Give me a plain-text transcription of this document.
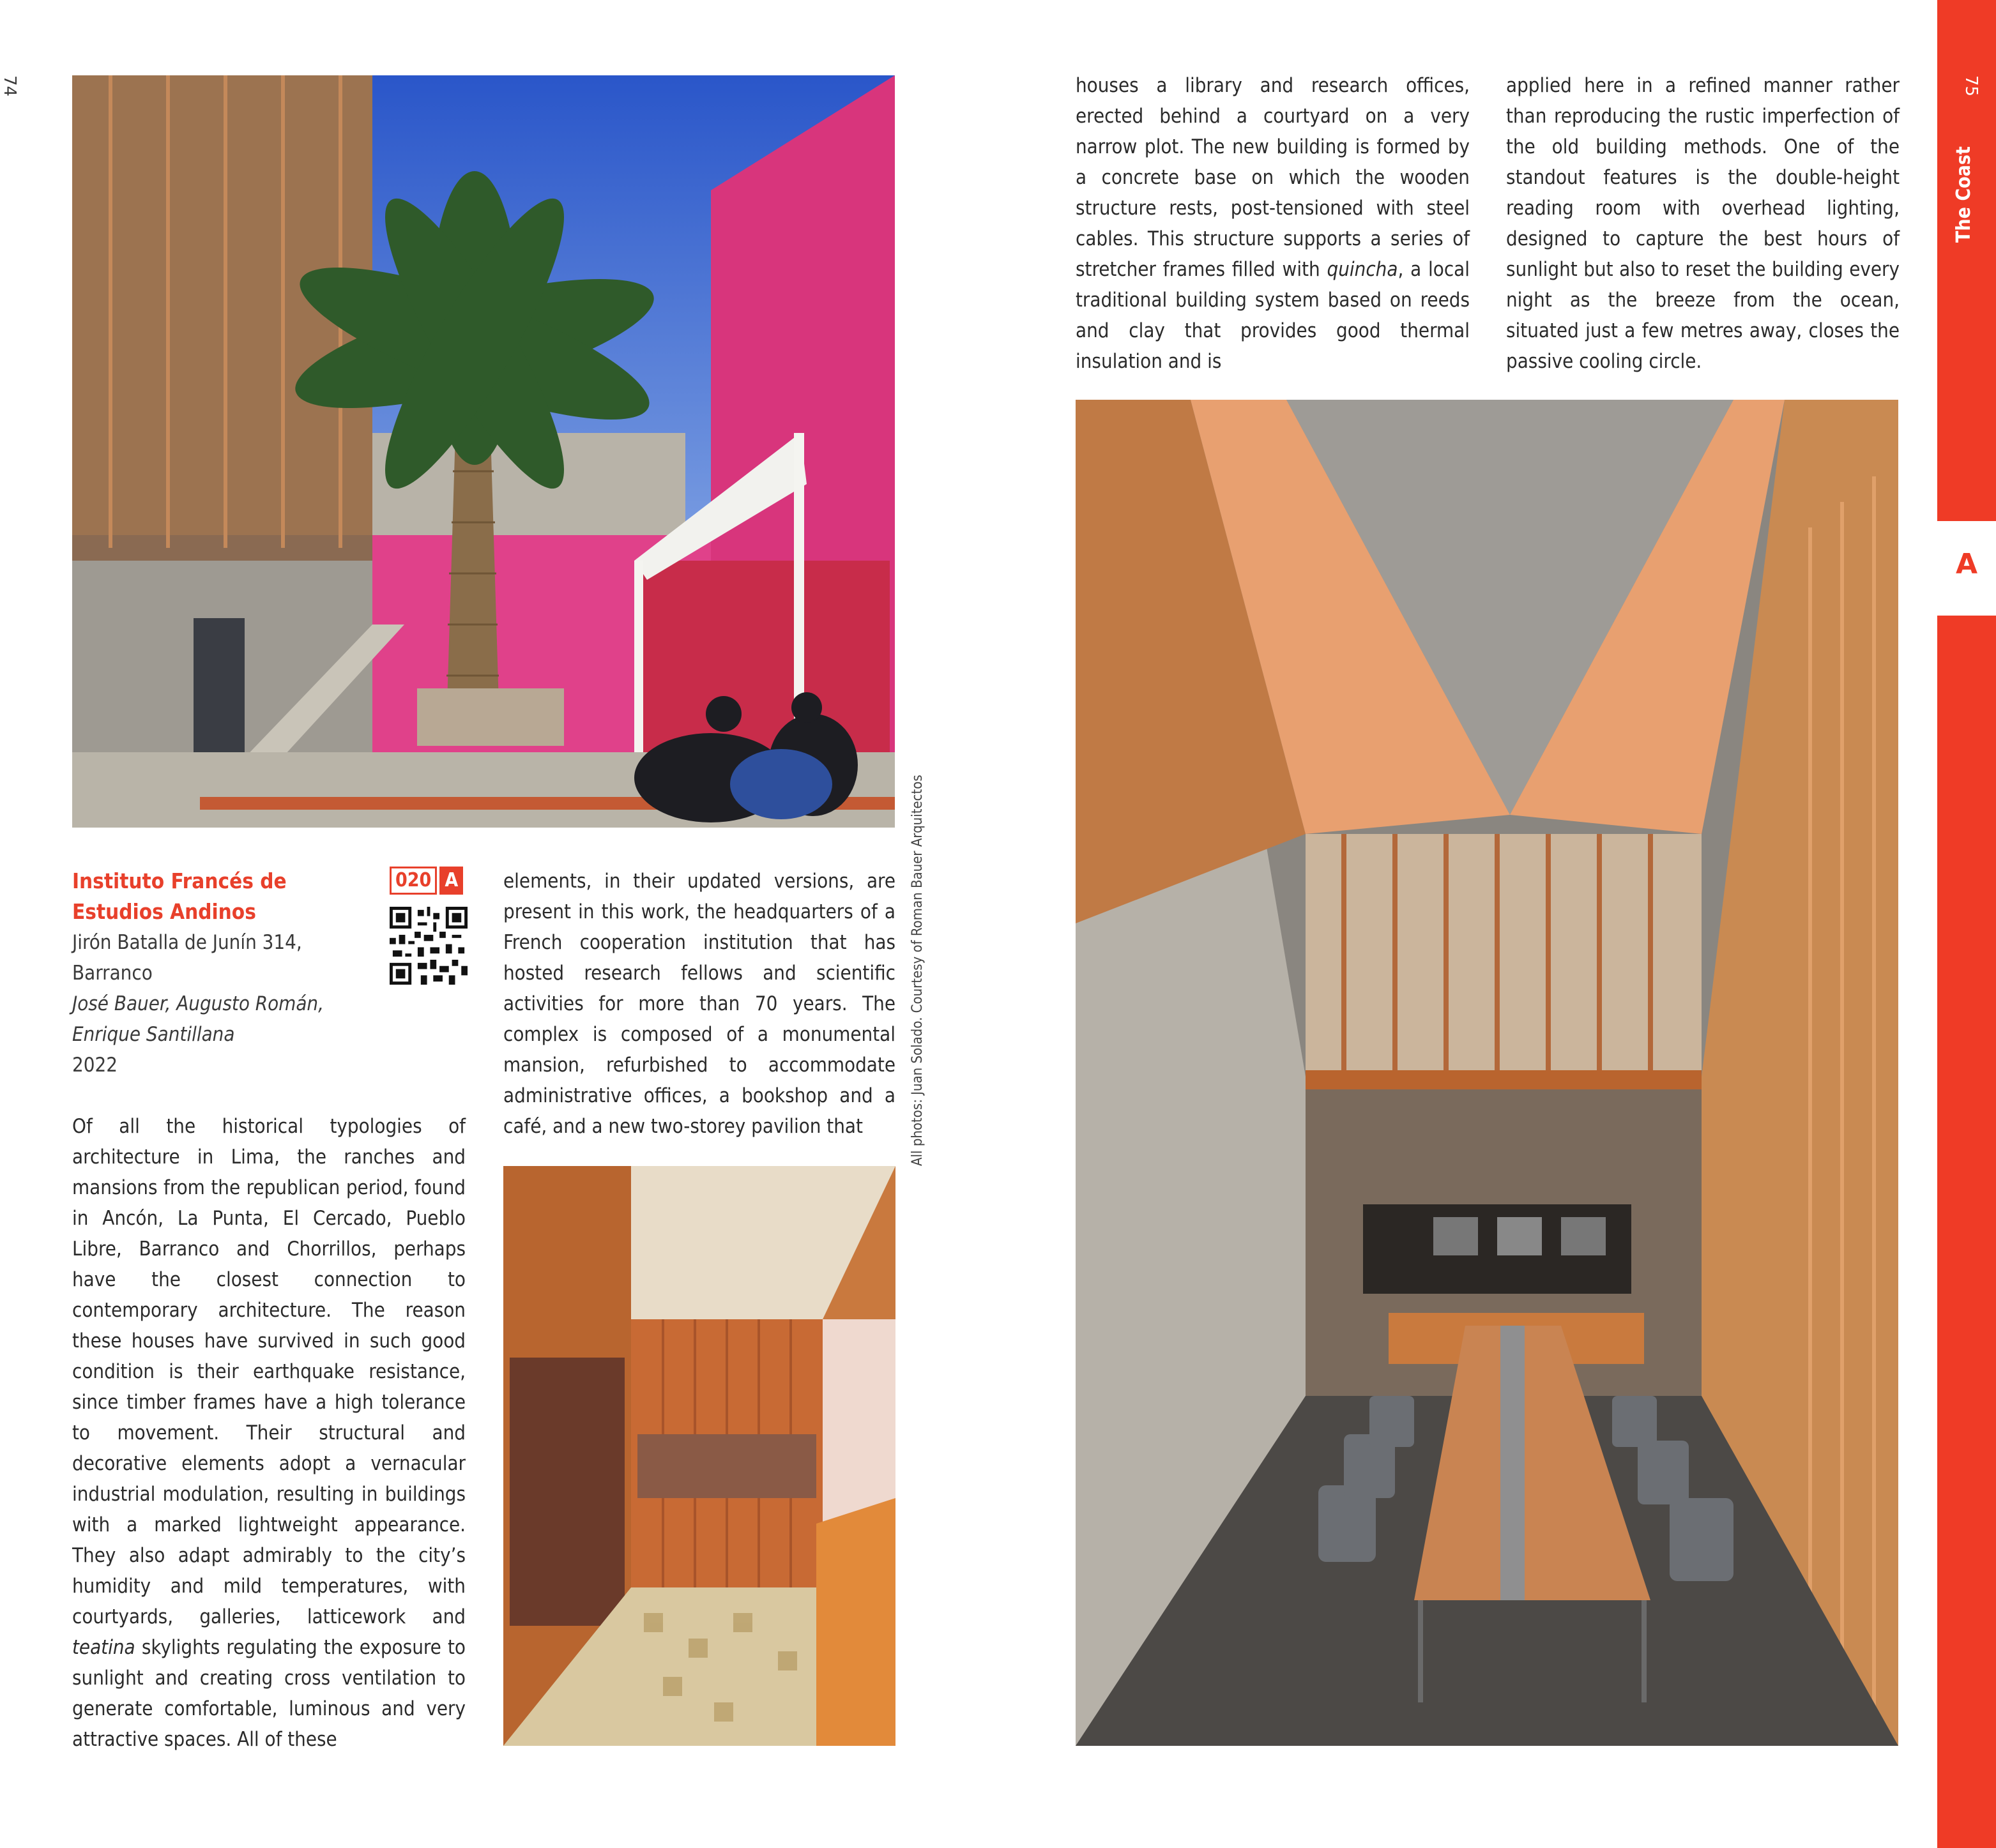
74
Instituto Francés de Estudios Andinos
020 A
Jirón Batalla de Junín 314,
Barranco
José Bauer, Augusto Román,
Enrique Santillana
2022

Of all the historical typologies of architecture in Lima, the ranches and mansions from the republican period, found in Ancón, La Punta, El Cercado, Pueblo Libre, Barranco and Chorrillos, perhaps have the closest connection to contemporary architecture. The reason these houses have survived in such good condition is their earthquake resistance, since timber frames have a high tolerance to movement. Their structural and decorative elements adopt a vernacular industrial modulation, resulting in buildings with a marked lightweight appearance. They also adapt admirably to the city’s humidity and mild temperatures, with courtyards, galleries, latticework and teatina skylights regulating the exposure to sunlight and creating cross ventilation to generate comfortable, luminous and very attractive spaces. All of these

elements, in their updated versions, are present in this work, the headquarters of a French cooperation institution that has hosted research fellows and scientific activities for more than 70 years. The complex is composed of a monumental mansion, refurbished to accommodate administrative offices, a bookshop and a café, and a new two-storey pavilion that	All photos: Juan Solado. Courtesy of Roman Bauer Arquitectos

houses a library and research offices, erected behind a courtyard on a very narrow plot. The new building is formed by a concrete base on which the wooden structure rests, post-tensioned with steel cables. This structure supports a series of stretcher frames filled with quincha, a local traditional building system based on reeds and clay that provides good thermal insulation and is

applied here in a refined manner rather than reproducing the rustic imperfection of the old building methods. One of the standout features is the double-height reading room with overhead lighting, designed to capture the best hours of sunlight but also to reset the building every night as the breeze from the ocean, situated just a few metres away, closes the passive cooling circle.

75
The Coast
A
